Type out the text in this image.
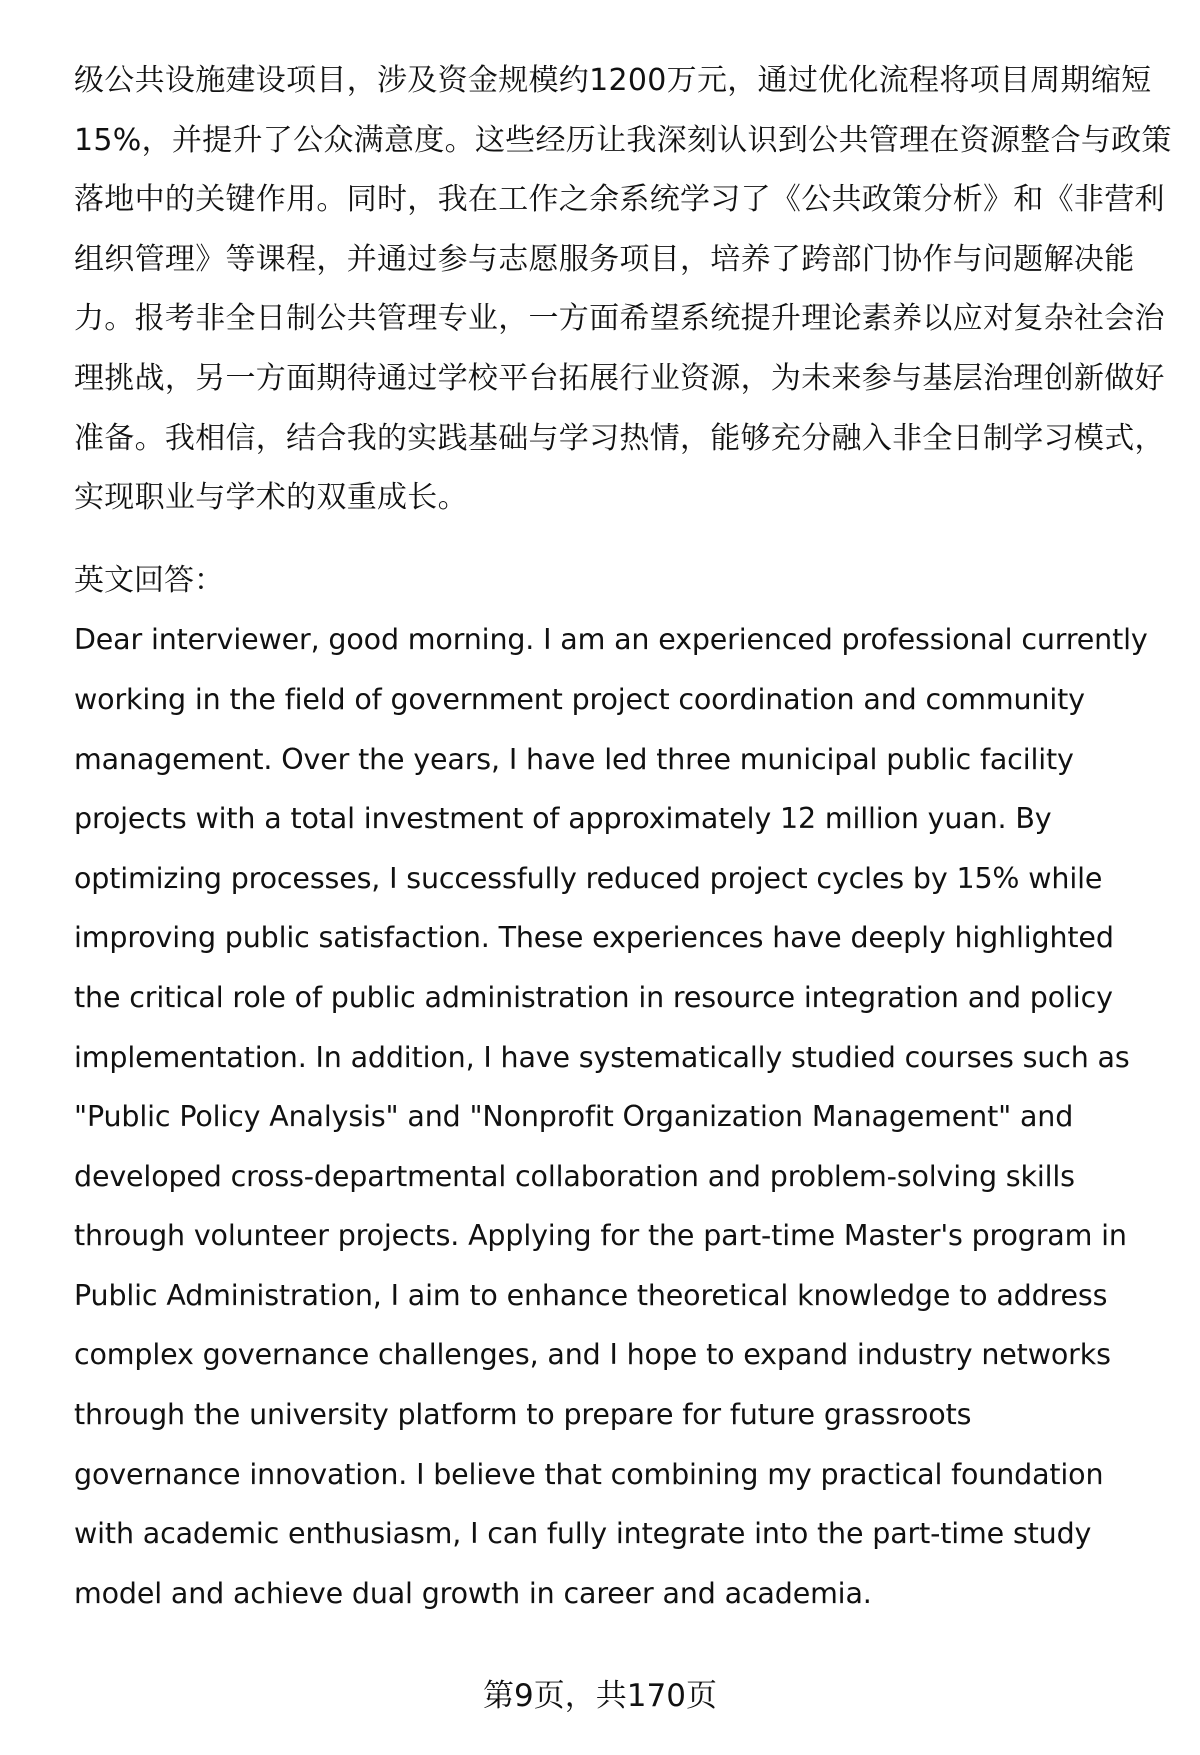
级公共设施建设项目，涉及资金规模约1200万元，通过优化流程将项目周期缩短
15%，并提升了公众满意度。这些经历让我深刻认识到公共管理在资源整合与政策
落地中的关键作用。同时，我在工作之余系统学习了《公共政策分析》和《非营利
组织管理》等课程，并通过参与志愿服务项目，培养了跨部门协作与问题解决能
力。报考非全日制公共管理专业，一方面希望系统提升理论素养以应对复杂社会治
理挑战，另一方面期待通过学校平台拓展行业资源，为未来参与基层治理创新做好
准备。我相信，结合我的实践基础与学习热情，能够充分融入非全日制学习模式，
实现职业与学术的双重成长。
英文回答：
Dear interviewer, good morning. I am an experienced professional currently
working in the field of government project coordination and community
management. Over the years, I have led three municipal public facility
projects with a total investment of approximately 12 million yuan. By
optimizing processes, I successfully reduced project cycles by 15% while
improving public satisfaction. These experiences have deeply highlighted
the critical role of public administration in resource integration and policy
implementation. In addition, I have systematically studied courses such as
"Public Policy Analysis" and "Nonprofit Organization Management" and
developed cross-departmental collaboration and problem-solving skills
through volunteer projects. Applying for the part-time Master's program in
Public Administration, I aim to enhance theoretical knowledge to address
complex governance challenges, and I hope to expand industry networks
through the university platform to prepare for future grassroots
governance innovation. I believe that combining my practical foundation
with academic enthusiasm, I can fully integrate into the part-time study
model and achieve dual growth in career and academia.
第9页，共170页
